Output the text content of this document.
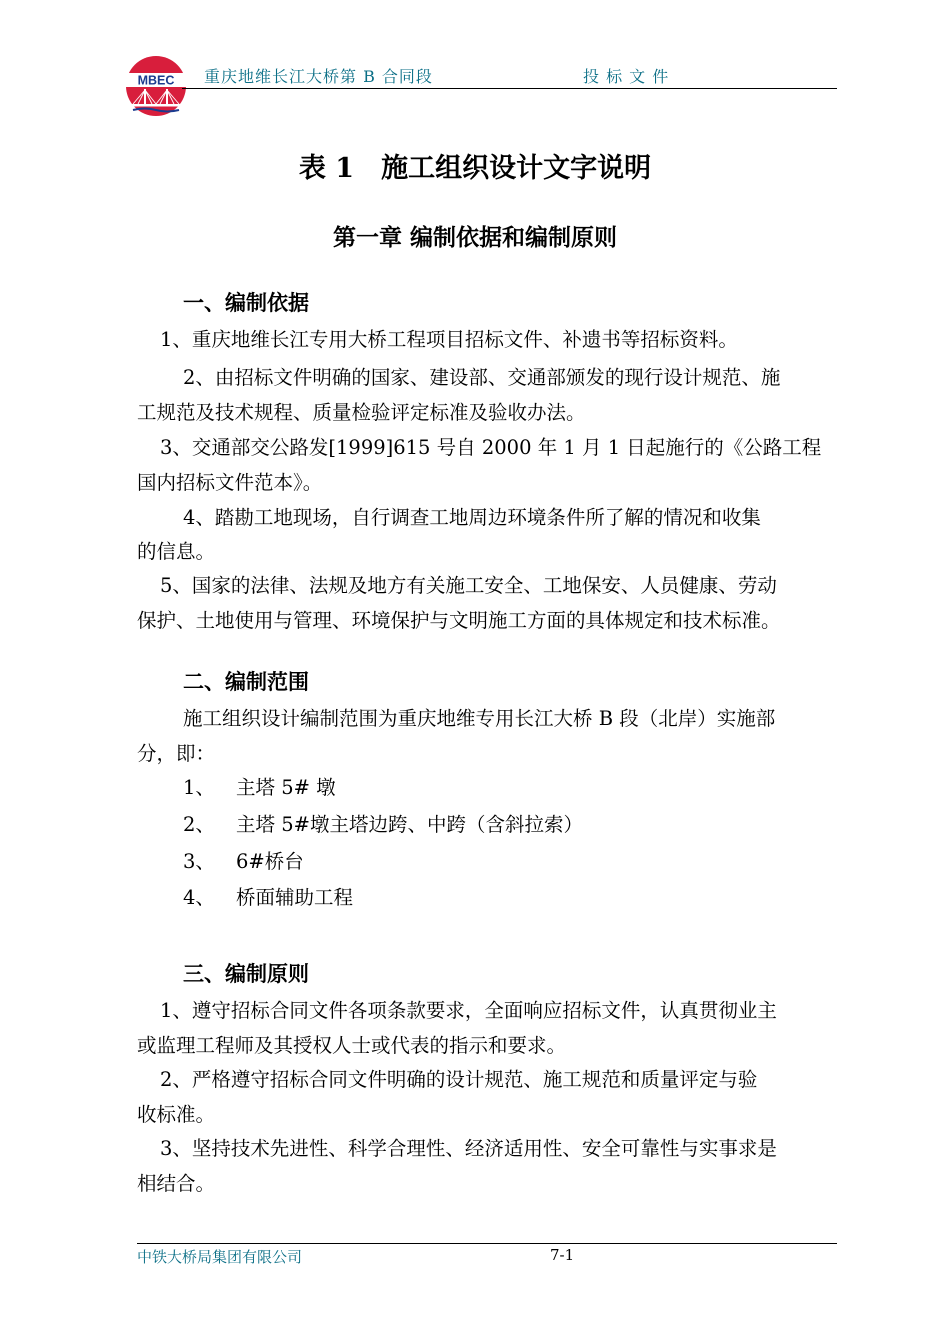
MBEC 重庆地维长江大桥第 B 合同段	投 标 文 件
表 1　施工组织设计文字说明
第一章 编制依据和编制原则
一、编制依据
1、重庆地维长江专用大桥工程项目招标文件、补遗书等招标资料。
2、由招标文件明确的国家、建设部、交通部颁发的现行设计规范、施
工规范及技术规程、质量检验评定标准及验收办法。
3、交通部交公路发[1999]615 号自 2000 年 1 月 1 日起施行的《公路工程
国内招标文件范本》。
4、踏勘工地现场，自行调查工地周边环境条件所了解的情况和收集
的信息。
5、国家的法律、法规及地方有关施工安全、工地保安、人员健康、劳动
保护、土地使用与管理、环境保护与文明施工方面的具体规定和技术标准。
二、编制范围
施工组织设计编制范围为重庆地维专用长江大桥 B 段（北岸）实施部
分，即：
1、 主塔 5# 墩
2、 主塔 5#墩主塔边跨、中跨（含斜拉索）
3、 6#桥台
4、 桥面辅助工程
三、编制原则
1、遵守招标合同文件各项条款要求，全面响应招标文件，认真贯彻业主
或监理工程师及其授权人士或代表的指示和要求。
2、严格遵守招标合同文件明确的设计规范、施工规范和质量评定与验
收标准。
3、坚持技术先进性、科学合理性、经济适用性、安全可靠性与实事求是
相结合。
中铁大桥局集团有限公司	7-1
